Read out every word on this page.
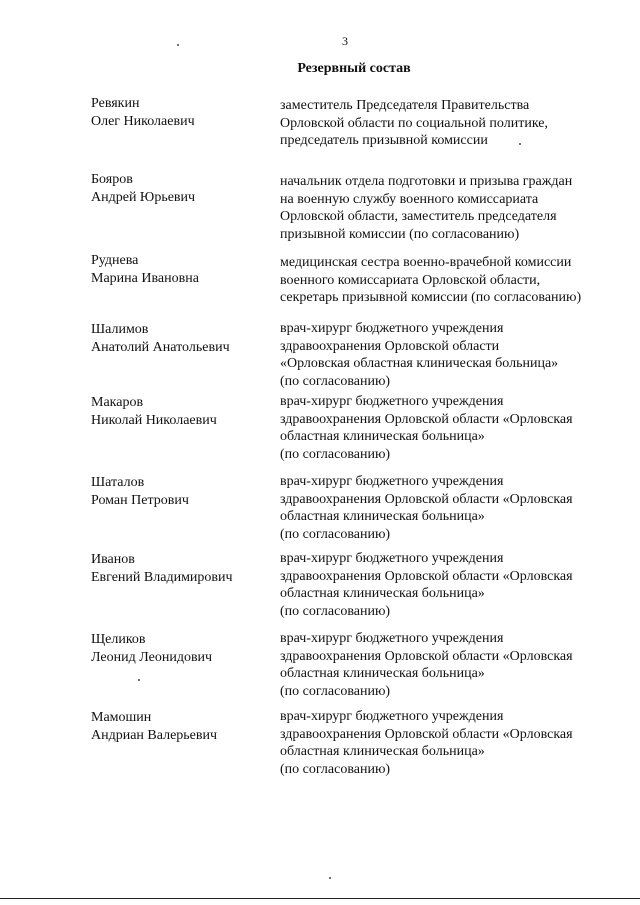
3
Резервный состав
Ревякин
Олег Николаевич
заместитель Председателя Правительства
Орловской области по социальной политике,
председатель призывной комиссии
Бояров
Андрей Юрьевич
начальник отдела подготовки и призыва граждан
на военную службу военного комиссариата
Орловской области, заместитель председателя
призывной комиссии (по согласованию)
Руднева
Марина Ивановна
медицинская сестра военно-врачебной комиссии
военного комиссариата Орловской области,
секретарь призывной комиссии (по согласованию)
Шалимов
Анатолий Анатольевич
врач-хирург бюджетного учреждения
здравоохранения Орловской области
«Орловская областная клиническая больница»
(по согласованию)
Макаров
Николай Николаевич
врач-хирург бюджетного учреждения
здравоохранения Орловской области «Орловская
областная клиническая больница»
(по согласованию)
Шаталов
Роман Петрович
врач-хирург бюджетного учреждения
здравоохранения Орловской области «Орловская
областная клиническая больница»
(по согласованию)
Иванов
Евгений Владимирович
врач-хирург бюджетного учреждения
здравоохранения Орловской области «Орловская
областная клиническая больница»
(по согласованию)
Щеликов
Леонид Леонидович
врач-хирург бюджетного учреждения
здравоохранения Орловской области «Орловская
областная клиническая больница»
(по согласованию)
Мамошин
Андриан Валерьевич
врач-хирург бюджетного учреждения
здравоохранения Орловской области «Орловская
областная клиническая больница»
(по согласованию)
